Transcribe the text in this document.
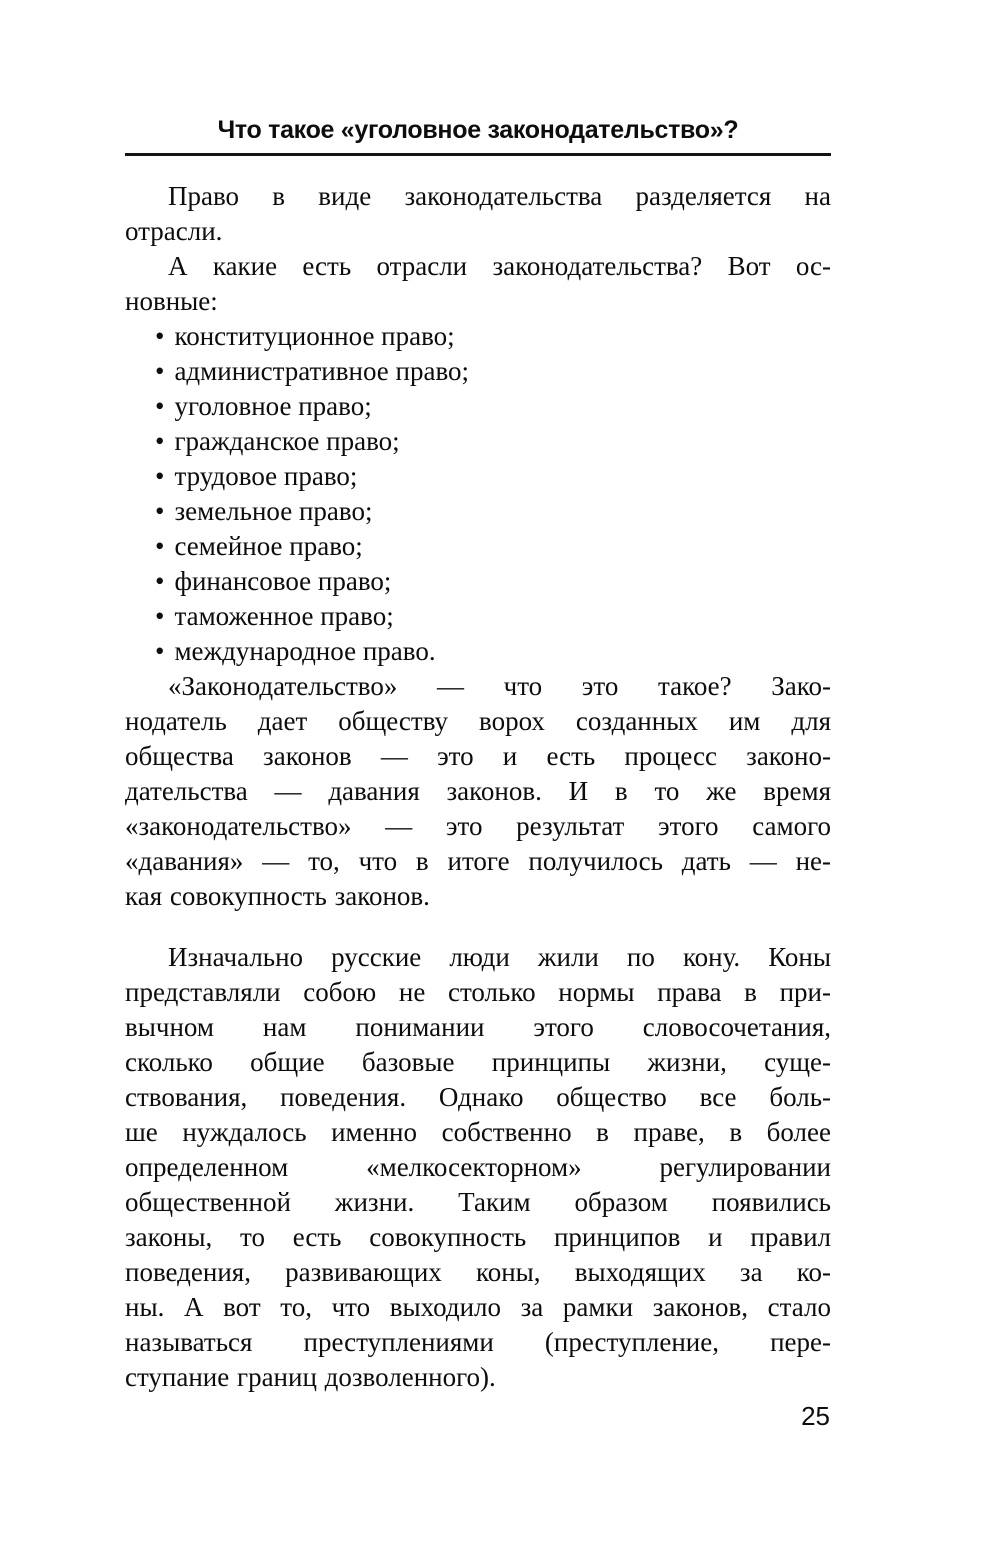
Что такое «уголовное законодательство»?
Право в виде законодательства разделяется на
отрасли.
А какие есть отрасли законодательства? Вот ос-
новные:
• конституционное право;
• административное право;
• уголовное право;
• гражданское право;
• трудовое право;
• земельное право;
• семейное право;
• финансовое право;
• таможенное право;
• международное право.
«Законодательство» — что это такое? Зако-
нодатель дает обществу ворох созданных им для
общества законов — это и есть процесс законо-
дательства — давания законов. И в то же время
«законодательство» — это результат этого самого
«давания» — то, что в итоге получилось дать — не-
кая совокупность законов.
Изначально русские люди жили по кону. Коны
представляли собою не столько нормы права в при-
вычном нам понимании этого словосочетания,
сколько общие базовые принципы жизни, суще-
ствования, поведения. Однако общество все боль-
ше нуждалось именно собственно в праве, в более
определенном «мелкосекторном» регулировании
общественной жизни. Таким образом появились
законы, то есть совокупность принципов и правил
поведения, развивающих коны, выходящих за ко-
ны. А вот то, что выходило за рамки законов, стало
называться преступлениями (преступление, пере-
ступание границ дозволенного).
25
